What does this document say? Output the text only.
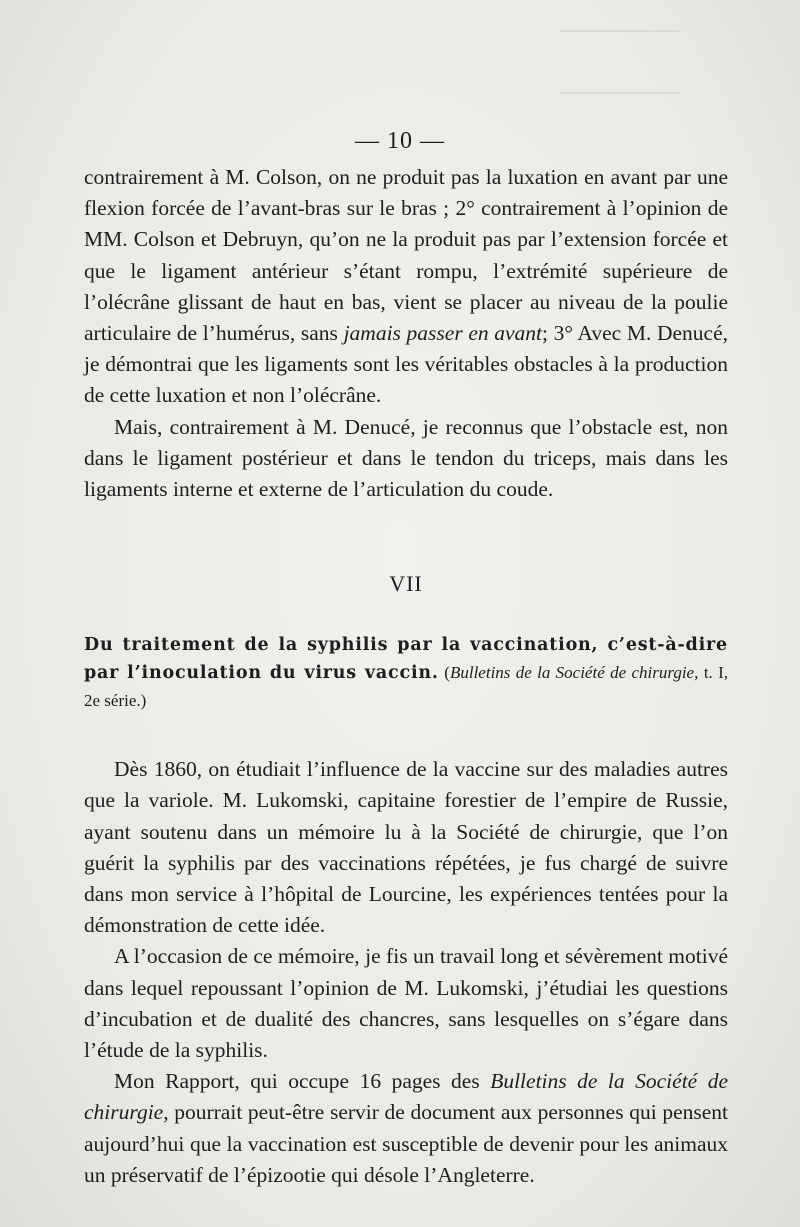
— 10 —

contrairement à M. Colson, on ne produit pas la luxation en avant par une flexion forcée de l’avant-bras sur le bras ; 2° contrairement à l’opinion de MM. Colson et Debruyn, qu’on ne la produit pas par l’extension forcée et que le ligament antérieur s’étant rompu, l’extrémité supérieure de l’olécrâne glissant de haut en bas, vient se placer au niveau de la poulie articulaire de l’humérus, sans jamais passer en avant; 3° Avec M. Denucé, je démontrai que les ligaments sont les véritables obstacles à la production de cette luxation et non l’olécrâne.

Mais, contrairement à M. Denucé, je reconnus que l’obstacle est, non dans le ligament postérieur et dans le tendon du triceps, mais dans les ligaments interne et externe de l’articulation du coude.

VII

Du traitement de la syphilis par la vaccination, c’est-à-dire par l’inoculation du virus vaccin. (Bulletins de la Société de chirurgie, t. I, 2e série.)

Dès 1860, on étudiait l’influence de la vaccine sur des maladies autres que la variole. M. Lukomski, capitaine forestier de l’empire de Russie, ayant soutenu dans un mémoire lu à la Société de chirurgie, que l’on guérit la syphilis par des vaccinations répétées, je fus chargé de suivre dans mon service à l’hôpital de Lourcine, les expériences tentées pour la démonstration de cette idée.

A l’occasion de ce mémoire, je fis un travail long et sévèrement motivé dans lequel repoussant l’opinion de M. Lukomski, j’étudiai les questions d’incubation et de dualité des chancres, sans lesquelles on s’égare dans l’étude de la syphilis.

Mon Rapport, qui occupe 16 pages des Bulletins de la Société de chirurgie, pourrait peut-être servir de document aux personnes qui pensent aujourd’hui que la vaccination est susceptible de devenir pour les animaux un préservatif de l’épizootie qui désole l’Angleterre.
